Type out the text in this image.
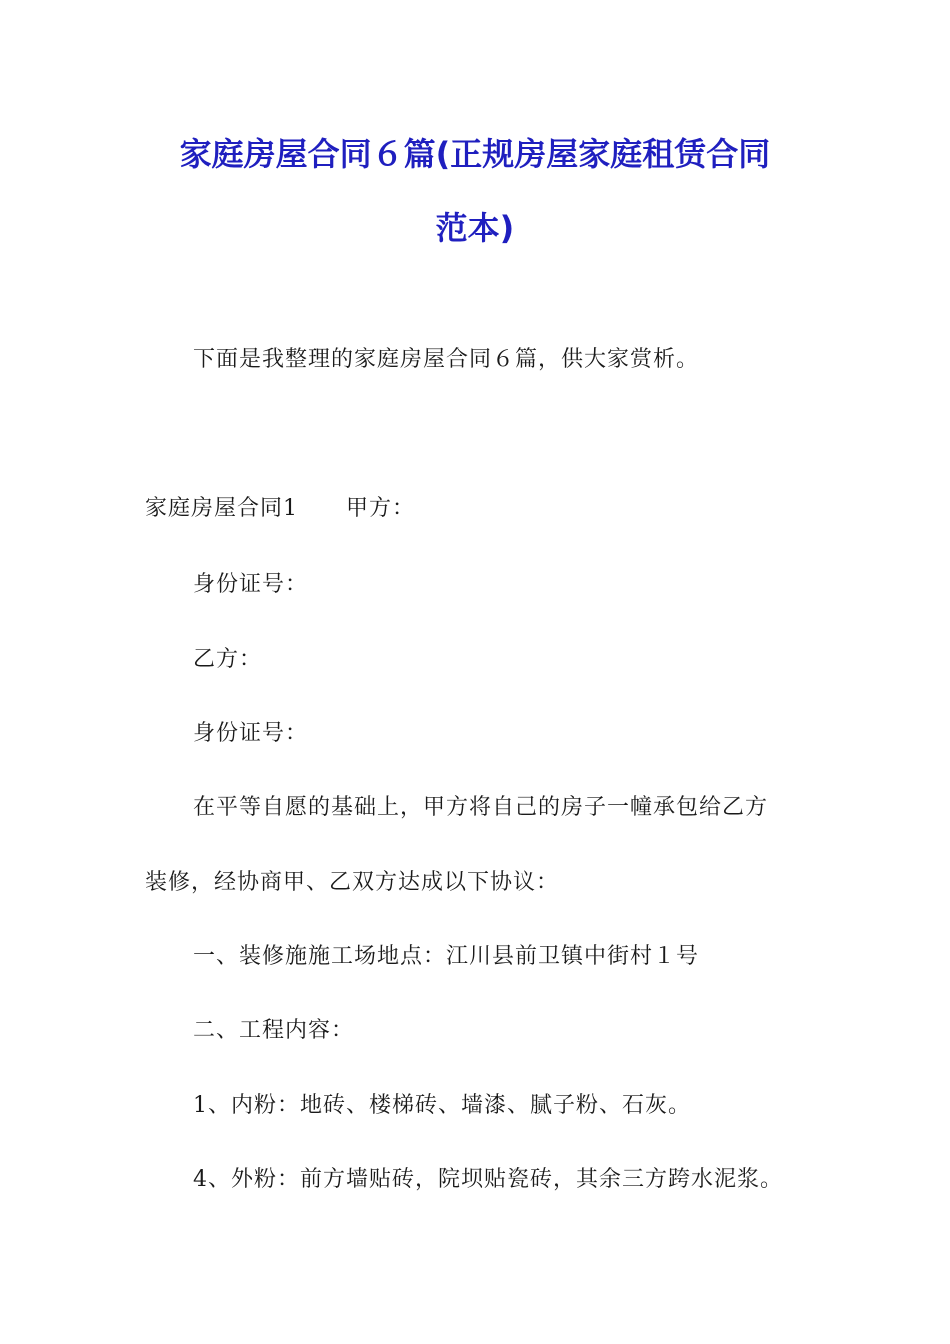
家庭房屋合同６篇(正规房屋家庭租赁合同
范本)
下面是我整理的家庭房屋合同６篇，供大家赏析。
家庭房屋合同1 甲方：
身份证号：
乙方：
身份证号：
在平等自愿的基础上，甲方将自己的房子一幢承包给乙方
装修，经协商甲、乙双方达成以下协议：
一、装修施施工场地点：江川县前卫镇中街村１号
二、工程内容：
1、内粉：地砖、楼梯砖、墙漆、腻子粉、石灰。
4、外粉：前方墙贴砖，院坝贴瓷砖，其余三方跨水泥浆。
